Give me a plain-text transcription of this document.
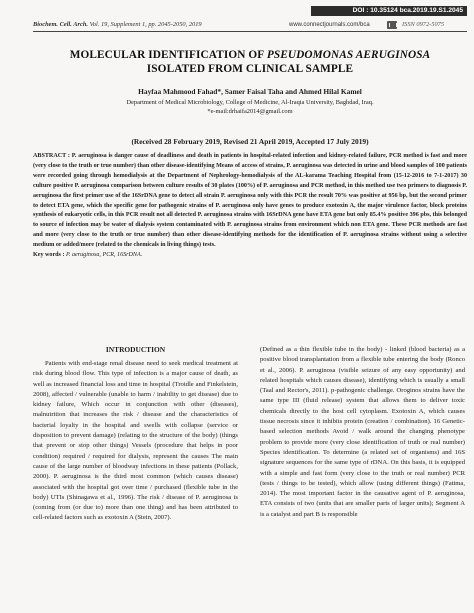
DOI : 10.35124 bca.2019.19.S1.2045
Biochem. Cell. Arch. Vol. 19, Supplement 1, pp. 2045-2050, 2019	www.connectjournals.com/bca	ISSN 0972-5075
MOLECULAR IDENTIFICATION OF PSEUDOMONAS AERUGINOSA
ISOLATED FROM CLINICAL SAMPLE
Hayfaa Mahmood Fahad*, Samer Faisal Taha and Ahmed Hilal Kamel
Department of Medical Microbiology, College of Medicine, Al-Iraqia University, Baghdad, Iraq.
*e-mail:drhaifa2014@gmail.com
(Received 28 February 2019, Revised 21 April 2019, Accepted 17 July 2019)

ABSTRACT : P. aeruginosa is danger cause of deadliness and death in patients in hospital-related infection and kidney-related failure, PCR method is fast and more (very close to the truth or true number) than other disease-identifying Means of access of strains, P. aeruginosa was detected in urine and blood samples of 100 patients were recorded going through hemodialysis at the Department of Nephrology-hemodialysis of the AL-karama Teaching Hospital from (15-12-2016 to 7-1-2017) 30 culture positive P. aeruginosa comparison between culture results of 30 plates (100%) of P. aeruginosa and PCR method, in this method use two primers to diagnosis P. aeruginosa the first primer use of the 16SrDNA gene to detect all strain P. aeruginosa only with this PCR the result 70% was positive at 956 bp, but the second primer to detect ETA gene, which the specific gene for pathogenic strains of P. aeruginosa only have genes to produce exotoxin A, the major virulence factor, block proteins synthesis of eukaryotic cells, in this PCR result not all detected P. aeruginosa strains with 16SrDNA gene have ETA gene but only 85.4% positive 396 pbs, this belonged to source of infection may be water of dialysis system contaminated with P. aeruginosa strains from environment which non ETA gene. These PCR methods are fast and more (very close to the truth or true number) than other disease-identifying methods for the identification of P. aeruginosa strains without using a selective medium or added/more (related to the chemicals in living things) tests.

Key words : P. aeruginosa, PCR, 16SrDNA.

INTRODUCTION

Patients with end-stage renal disease need to seek medical treatment at risk during blood flow. This type of infection is a major cause of death, as well as increased financial loss and time in hospital (Troidle and Finkelstein, 2008), affected / vulnerable (unable to harm / inability to get disease) due to kidney failure, Which occur in conjunction with other (diseases), malnutrition that increases the risk / disease and the characteristics of bacterial loyalty in the hospital and swells with collapse (service or disposition to prevent damage) (relating to the structure of the body) (things that prevent or stop other things) Vessels (procedure that helps in poor condition) required / required for dialysis, represent the causes The main cause of the large number of bloodway infections in these patients (Pollack, 2000). P. aeruginosa is the third most common (which causes disease) associated with the hospital got over time / purchased (flexible tube in the body) UTIs (Shinagawa et al., 1996). The risk / disease of P. aeruginosa is (coming from (or due to) more than one thing) and has been attributed to cell-related factors such as exotoxin A (Stein, 2007).

(Defined as a thin flexible tube in the body) - linked (blood bacteria) as a positive blood transplantation from a flexible tube entering the body (Ronco et al., 2006). P. aeruginosa (visible seizure of any easy opportunity) and related hospitals which causes disease), identifying which is usually a small (Taal and Rector's, 2011). p-pathogenic challenge. Oroginos strains have the same type III (fluid release) system that allows them to deliver toxic chemicals directly to the host cell cytoplasm. Exotoxin A, which causes tissue necrosis since it inhibits protein (creation / combination). 16 Genetic-based selection methods Avoid / walk around the changing phenotype problem to provide more (very close identification of truth or real number) Species identification. To determine (a related set of organisms) and 16S signature sequences for the same type of rDNA. On this basis, it is equipped with a simple and fast form (very close to the truth or real number) PCR (tests / things to be tested), which allow (using different things) (Fatima, 2014). The most important factor in the causative agent of P. aeruginosa, ETA consists of two (units that are smaller parts of larger units); Segment A is a catalyst and part B is responsible
